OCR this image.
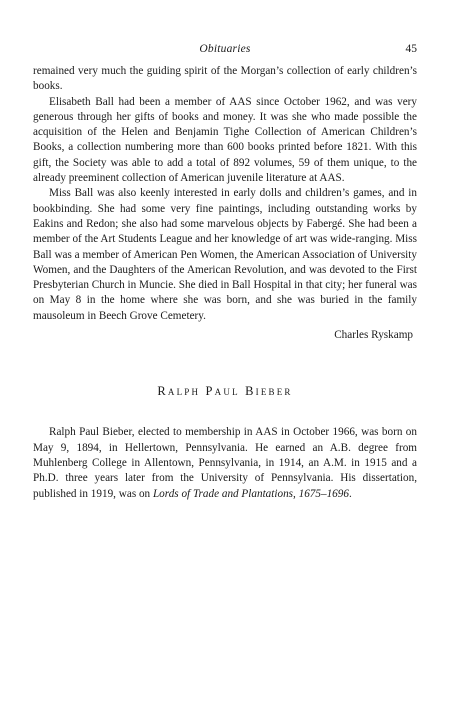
Obituaries	45

remained very much the guiding spirit of the Morgan’s collection of early children’s books.

Elisabeth Ball had been a member of AAS since October 1962, and was very generous through her gifts of books and money. It was she who made possible the acquisition of the Helen and Benjamin Tighe Collection of American Children’s Books, a collection numbering more than 600 books printed before 1821. With this gift, the Society was able to add a total of 892 volumes, 59 of them unique, to the already preeminent collection of American juvenile literature at AAS.

Miss Ball was also keenly interested in early dolls and children’s games, and in bookbinding. She had some very fine paintings, including outstanding works by Eakins and Redon; she also had some marvelous objects by Fabergé. She had been a member of the Art Students League and her knowledge of art was wide-ranging. Miss Ball was a member of American Pen Women, the American Association of University Women, and the Daughters of the American Revolution, and was devoted to the First Presbyterian Church in Muncie. She died in Ball Hospital in that city; her funeral was on May 8 in the home where she was born, and she was buried in the family mausoleum in Beech Grove Cemetery.

Charles Ryskamp

Ralph Paul Bieber

Ralph Paul Bieber, elected to membership in AAS in October 1966, was born on May 9, 1894, in Hellertown, Pennsylvania. He earned an A.B. degree from Muhlenberg College in Allentown, Pennsylvania, in 1914, an A.M. in 1915 and a Ph.D. three years later from the University of Pennsylvania. His dissertation, published in 1919, was on Lords of Trade and Plantations, 1675–1696.
